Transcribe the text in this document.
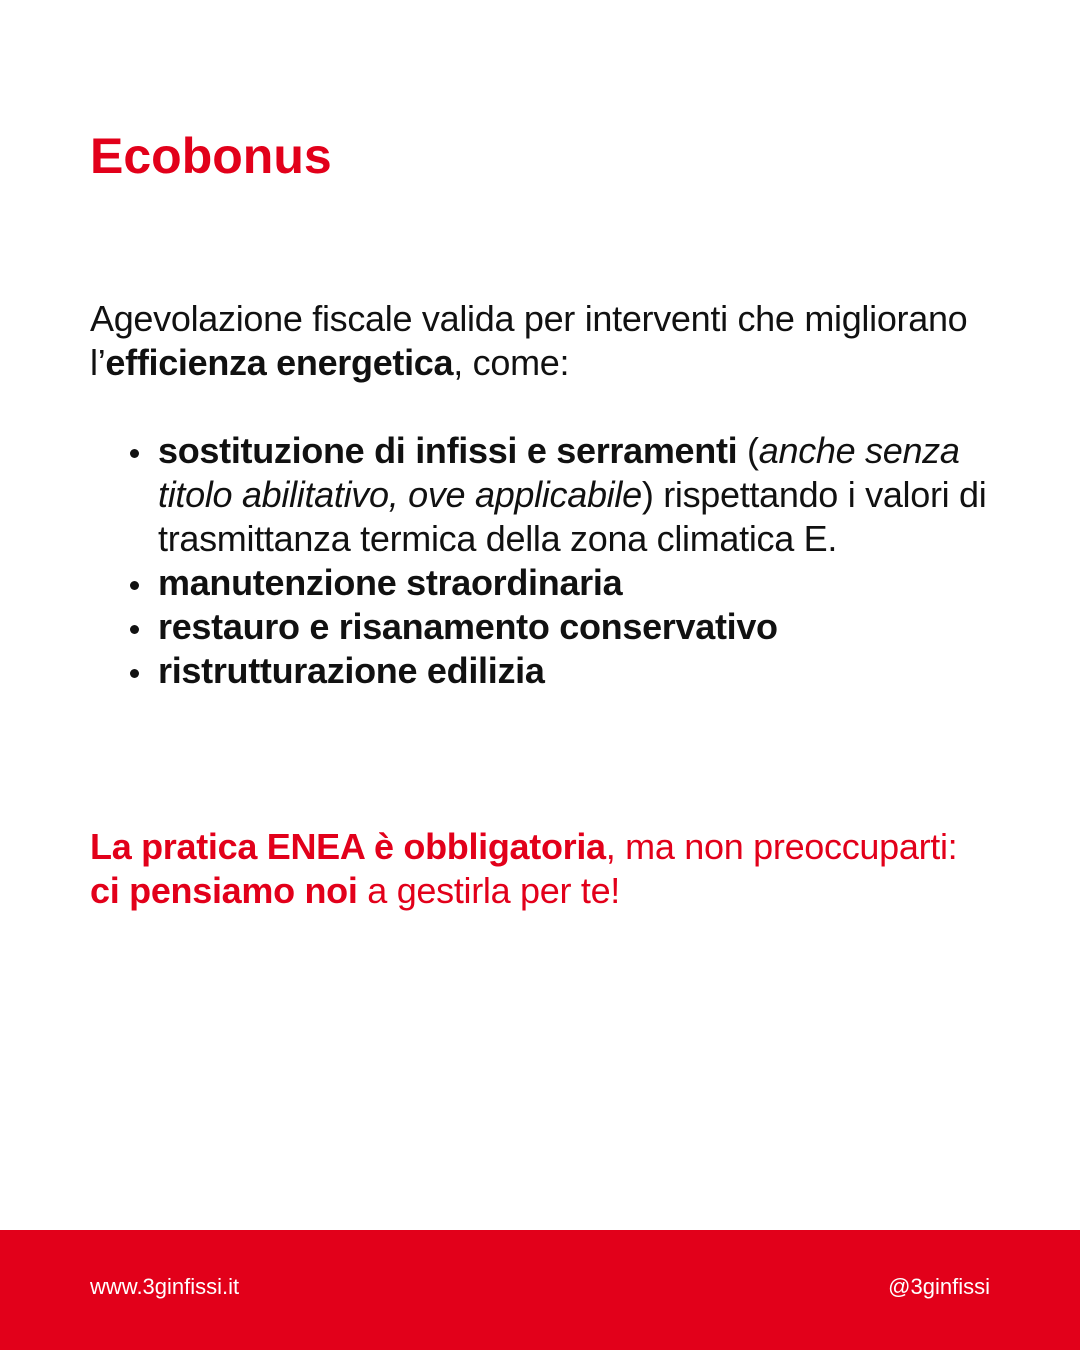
Ecobonus

Agevolazione fiscale valida per interventi che migliorano l’efficienza energetica, come:

sostituzione di infissi e serramenti (anche senza titolo abilitativo, ove applicabile) rispettando i valori di trasmittanza termica della zona climatica E.
manutenzione straordinaria
restauro e risanamento conservativo
ristrutturazione edilizia

La pratica ENEA è obbligatoria, ma non preoccuparti: ci pensiamo noi a gestirla per te!

www.3ginfissi.it	@3ginfissi
